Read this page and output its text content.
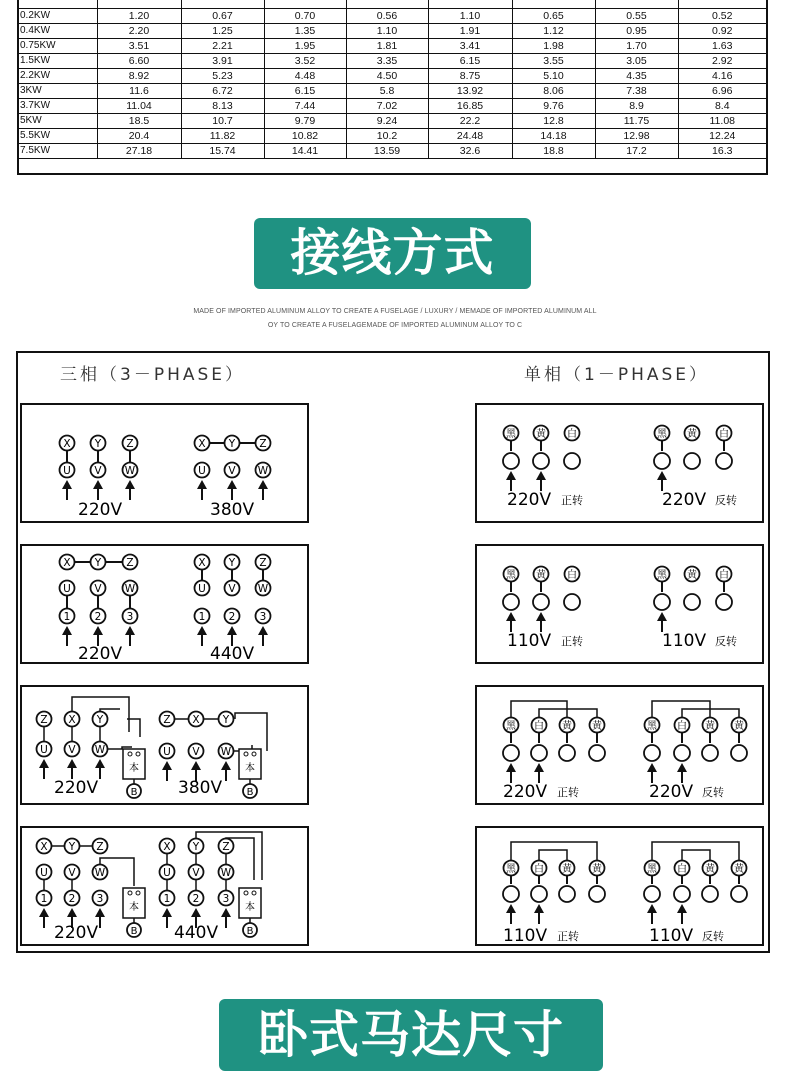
0.2KW	1.20	0.67	0.70	0.56	1.10	0.65	0.55	0.52
0.4KW	2.20	1.25	1.35	1.10	1.91	1.12	0.95	0.92
0.75KW	3.51	2.21	1.95	1.81	3.41	1.98	1.70	1.63
1.5KW	6.60	3.91	3.52	3.35	6.15	3.55	3.05	2.92
2.2KW	8.92	5.23	4.48	4.50	8.75	5.10	4.35	4.16
3KW	11.6	6.72	6.15	5.8	13.92	8.06	7.38	6.96
3.7KW	11.04	8.13	7.44	7.02	16.85	9.76	8.9	8.4
5KW	18.5	10.7	9.79	9.24	22.2	12.8	11.75	11.08
5.5KW	20.4	11.82	10.82	10.2	24.48	14.18	12.98	12.24
7.5KW	27.18	15.74	14.41	13.59	32.6	18.8	17.2	16.3
接线方式
MADE OF IMPORTED ALUMINUM ALLOY TO CREATE A FUSELAGE / LUXURY / MEMADE OF IMPORTED ALUMINUM ALL
OY TO CREATE A FUSELAGEMADE OF IMPORTED ALUMINUM ALLOY TO C
三相（3－PHASE）	单相（1－PHASE）
X Y Z
U V W
220V
X Y Z
U V W
380V
X Y Z
U V W
1 2 3
220V
X Y Z
U V W
1 2 3
440V
Z X Y
U V W
本
B
220V
Z X Y
U V W
本
B
380V
X Y Z
U V W
1 2 3
本
B
220V
X Y Z
U V W
1 2 3
本
B
440V
黑 黄 白
220V 正转
黑 黄 白
220V 反转
黑 黄 白
110V 正转
黑 黄 白
110V 反转
黑 白 黄 黄
220V 正转
黑 白 黄 黄
220V 反转
黑 白 黄 黄
110V 正转
黑 白 黄 黄
110V 反转
卧式马达尺寸
